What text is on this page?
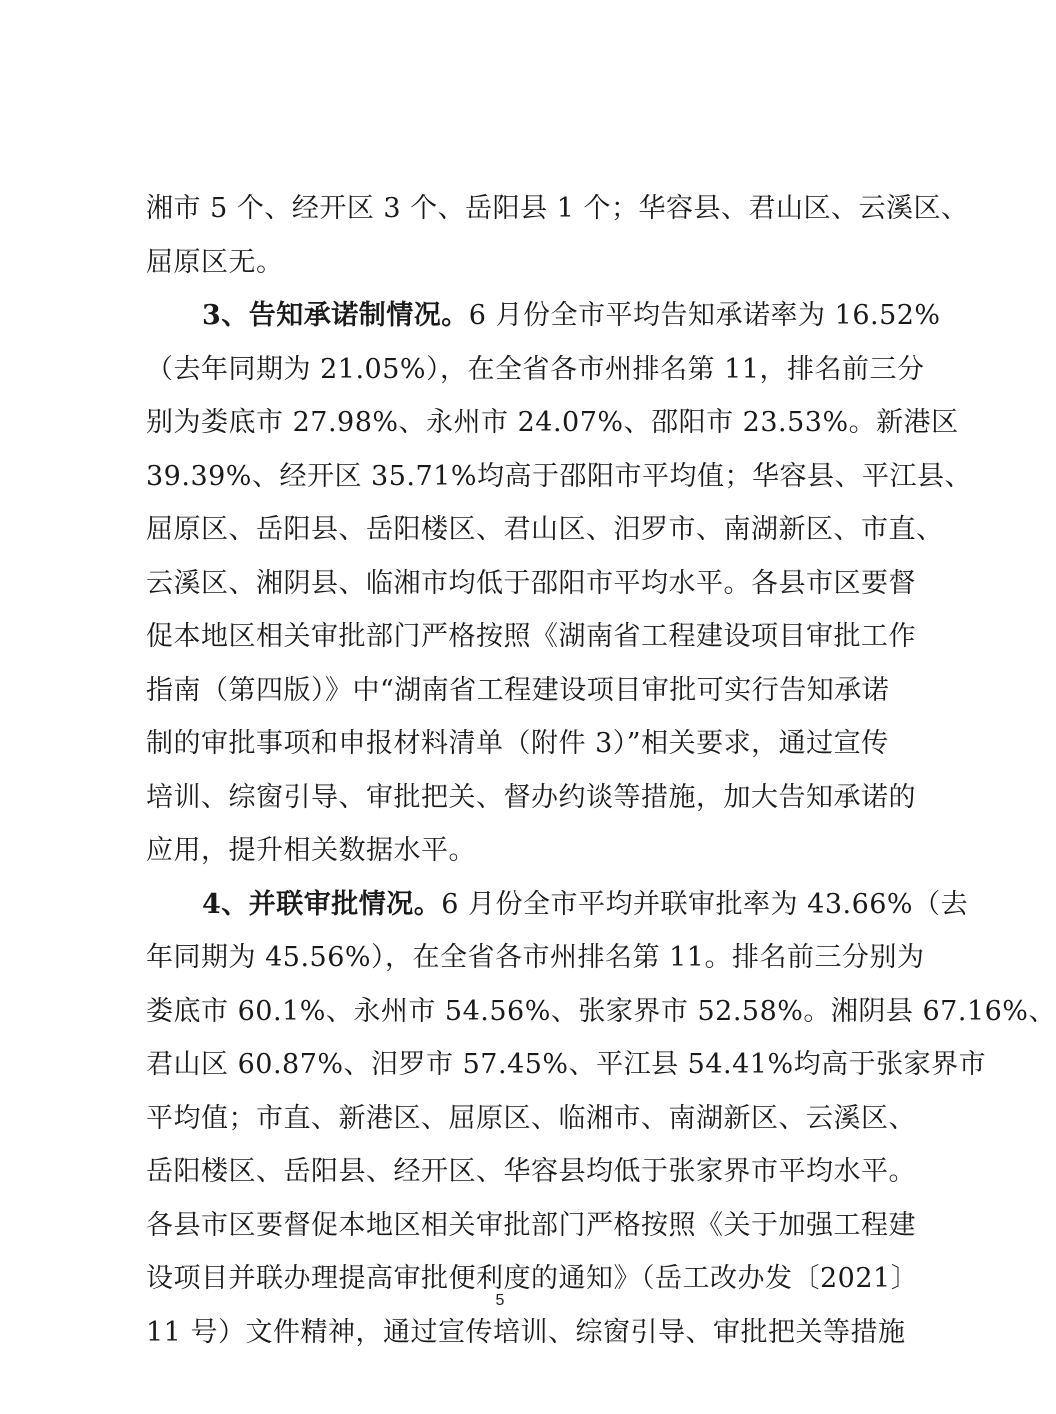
湘市 5 个、经开区 3 个、岳阳县 1 个；华容县、君山区、云溪区、
屈原区无。
3、告知承诺制情况。6 月份全市平均告知承诺率为 16.52%
（去年同期为 21.05%），在全省各市州排名第 11，排名前三分
别为娄底市 27.98%、永州市 24.07%、邵阳市 23.53%。新港区
39.39%、经开区 35.71%均高于邵阳市平均值；华容县、平江县、
屈原区、岳阳县、岳阳楼区、君山区、汨罗市、南湖新区、市直、
云溪区、湘阴县、临湘市均低于邵阳市平均水平。各县市区要督
促本地区相关审批部门严格按照《湖南省工程建设项目审批工作
指南（第四版）》中“湖南省工程建设项目审批可实行告知承诺
制的审批事项和申报材料清单（附件 3）”相关要求，通过宣传
培训、综窗引导、审批把关、督办约谈等措施，加大告知承诺的
应用，提升相关数据水平。
4、并联审批情况。6 月份全市平均并联审批率为 43.66%（去
年同期为 45.56%），在全省各市州排名第 11。排名前三分别为
娄底市 60.1%、永州市 54.56%、张家界市 52.58%。湘阴县 67.16%、
君山区 60.87%、汨罗市 57.45%、平江县 54.41%均高于张家界市
平均值；市直、新港区、屈原区、临湘市、南湖新区、云溪区、
岳阳楼区、岳阳县、经开区、华容县均低于张家界市平均水平。
各县市区要督促本地区相关审批部门严格按照《关于加强工程建
设项目并联办理提高审批便利度的通知》（岳工改办发〔2021〕
11 号）文件精神，通过宣传培训、综窗引导、审批把关等措施
5
